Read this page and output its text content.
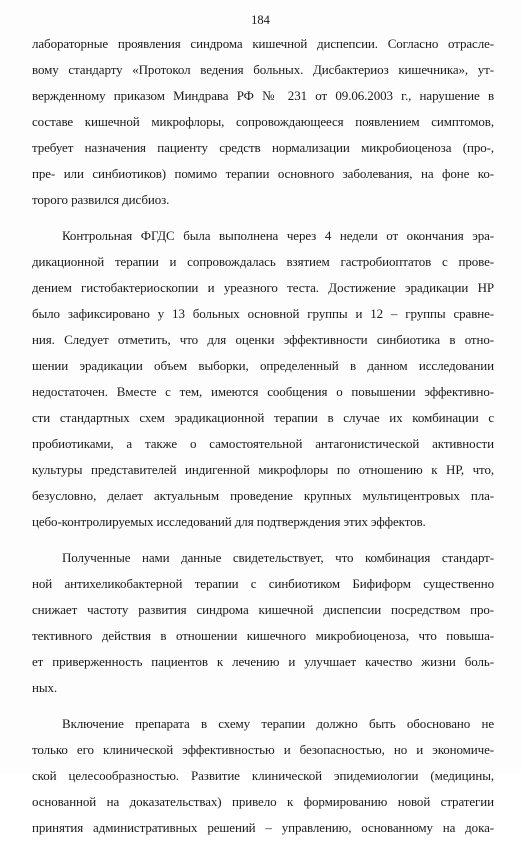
184
лабораторные проявления синдрома кишечной диспепсии. Согласно отрасле-
вому стандарту «Протокол ведения больных. Дисбактериоз кишечника», ут-
вержденному приказом Миндрава РФ № 231 от 09.06.2003 г., нарушение в
составе кишечной микрофлоры, сопровождающееся появлением симптомов,
требует назначения пациенту средств нормализации микробиоценоза (про-,
пре- или синбиотиков) помимо терапии основного заболевания, на фоне ко-
торого развился дисбиоз.
Контрольная ФГДС была выполнена через 4 недели от окончания эра-
дикационной терапии и сопровождалась взятием гастробиоптатов с прове-
дением гистобактериоскопии и уреазного теста. Достижение эрадикации НР
было зафиксировано у 13 больных основной группы и 12 – группы сравне-
ния. Следует отметить, что для оценки эффективности синбиотика в отно-
шении эрадикации объем выборки, определенный в данном исследовании
недостаточен. Вместе с тем, имеются сообщения о повышении эффективно-
сти стандартных схем эрадикационной терапии в случае их комбинации с
пробиотиками, а также о самостоятельной антагонистической активности
культуры представителей индигенной микрофлоры по отношению к НР, что,
безусловно, делает актуальным проведение крупных мультицентровых пла-
цебо-контролируемых исследований для подтверждения этих эффектов.
Полученные нами данные свидетельствует, что комбинация стандарт-
ной антихеликобактерной терапии с синбиотиком Бифиформ существенно
снижает частоту развития синдрома кишечной диспепсии посредством про-
тективного действия в отношении кишечного микробиоценоза, что повыша-
ет приверженность пациентов к лечению и улучшает качество жизни боль-
ных.
Включение препарата в схему терапии должно быть обосновано не
только его клинической эффективностью и безопасностью, но и экономиче-
ской целесообразностью. Развитие клинической эпидемиологии (медицины,
основанной на доказательствах) привело к формированию новой стратегии
принятия административных решений – управлению, основанному на дока-
